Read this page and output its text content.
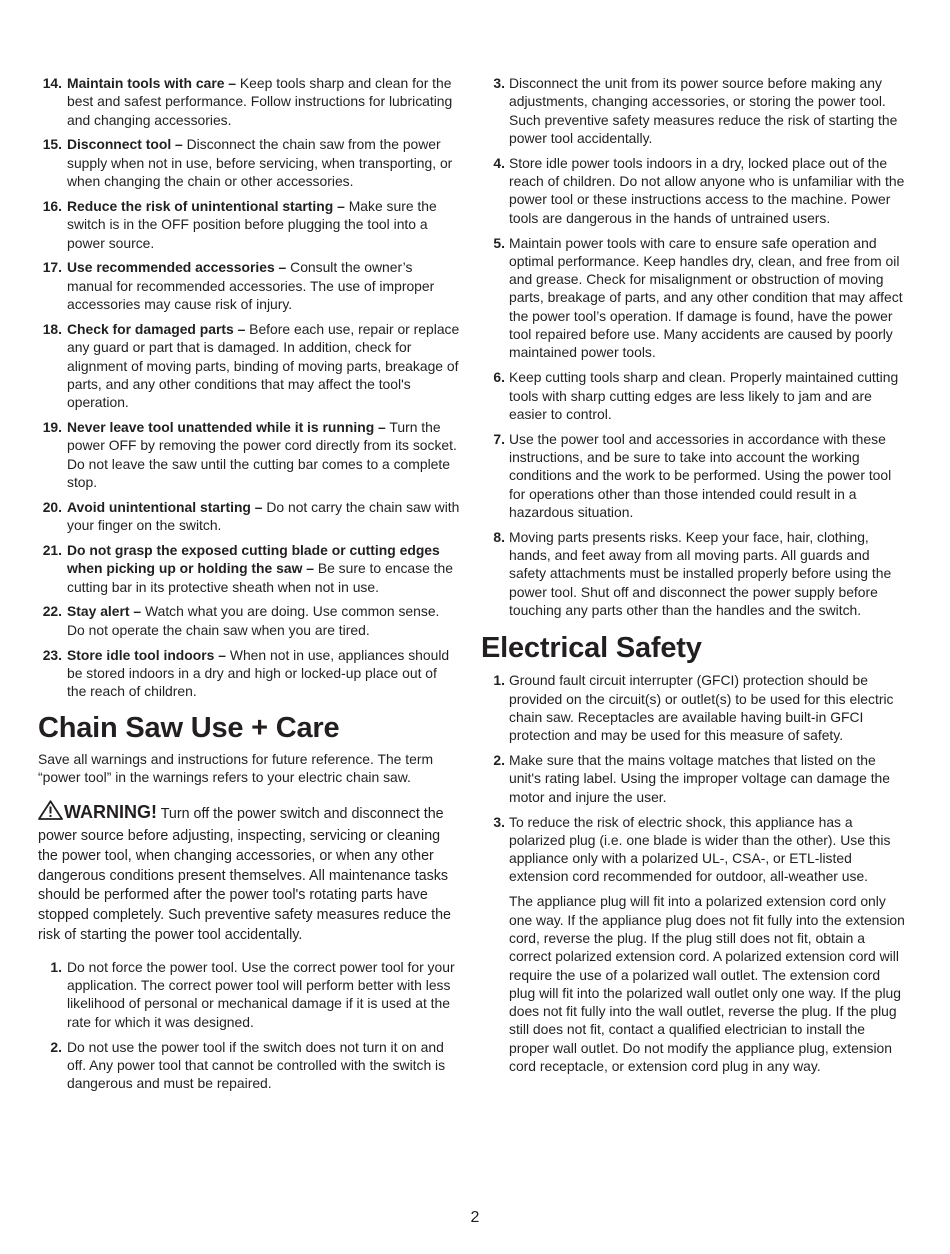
14. Maintain tools with care – Keep tools sharp and clean for the best and safest performance. Follow instructions for lubricating and changing accessories.
15. Disconnect tool – Disconnect the chain saw from the power supply when not in use, before servicing, when transporting, or when changing the chain or other accessories.
16. Reduce the risk of unintentional starting – Make sure the switch is in the OFF position before plugging the tool into a power source.
17. Use recommended accessories – Consult the owner’s manual for recommended accessories. The use of improper accessories may cause risk of injury.
18. Check for damaged parts – Before each use, repair or replace any guard or part that is damaged. In addition, check for alignment of moving parts, binding of moving parts, breakage of parts, and any other conditions that may affect the tool's operation.
19. Never leave tool unattended while it is running – Turn the power OFF by removing the power cord directly from its socket. Do not leave the saw until the cutting bar comes to a complete stop.
20. Avoid unintentional starting – Do not carry the chain saw with your finger on the switch.
21. Do not grasp the exposed cutting blade or cutting edges when picking up or holding the saw – Be sure to encase the cutting bar in its protective sheath when not in use.
22. Stay alert – Watch what you are doing. Use common sense. Do not operate the chain saw when you are tired.
23. Store idle tool indoors – When not in use, appliances should be stored indoors in a dry and high or locked-up place out of the reach of children.
Chain Saw Use + Care

Save all warnings and instructions for future reference. The term “power tool” in the warnings refers to your electric chain saw.

WARNING! Turn off the power switch and disconnect the power source before adjusting, inspecting, servicing or cleaning the power tool, when changing accessories, or when any other dangerous conditions present themselves. All maintenance tasks should be performed after the power tool's rotating parts have stopped completely. Such preventive safety measures reduce the risk of starting the power tool accidentally.

1. Do not force the power tool. Use the correct power tool for your application. The correct power tool will perform better with less likelihood of personal or mechanical damage if it is used at the rate for which it was designed.
2. Do not use the power tool if the switch does not turn it on and off. Any power tool that cannot be controlled with the switch is dangerous and must be repaired.
3. Disconnect the unit from its power source before making any adjustments, changing accessories, or storing the power tool. Such preventive safety measures reduce the risk of starting the power tool accidentally.
4. Store idle power tools indoors in a dry, locked place out of the reach of children. Do not allow anyone who is unfamiliar with the power tool or these instructions access to the machine. Power tools are dangerous in the hands of untrained users.
5. Maintain power tools with care to ensure safe operation and optimal performance. Keep handles dry, clean, and free from oil and grease. Check for misalignment or obstruction of moving parts, breakage of parts, and any other condition that may affect the power tool’s operation. If damage is found, have the power tool repaired before use. Many accidents are caused by poorly maintained power tools.
6. Keep cutting tools sharp and clean. Properly maintained cutting tools with sharp cutting edges are less likely to jam and are easier to control.
7. Use the power tool and accessories in accordance with these instructions, and be sure to take into account the working conditions and the work to be performed. Using the power tool for operations other than those intended could result in a hazardous situation.
8. Moving parts presents risks. Keep your face, hair, clothing, hands, and feet away from all moving parts. All guards and safety attachments must be installed properly before using the power tool. Shut off and disconnect the power supply before touching any parts other than the handles and the switch.
Electrical Safety
1. Ground fault circuit interrupter (GFCI) protection should be provided on the circuit(s) or outlet(s) to be used for this electric chain saw. Receptacles are available having built-in GFCI protection and may be used for this measure of safety.
2. Make sure that the mains voltage matches that listed on the unit's rating label. Using the improper voltage can damage the motor and injure the user.
3. To reduce the risk of electric shock, this appliance has a polarized plug (i.e. one blade is wider than the other). Use this appliance only with a polarized UL-, CSA-, or ETL-listed extension cord recommended for outdoor, all-weather use.

The appliance plug will fit into a polarized extension cord only one way. If the appliance plug does not fit fully into the extension cord, reverse the plug. If the plug still does not fit, obtain a correct polarized extension cord. A polarized extension cord will require the use of a polarized wall outlet. The extension cord plug will fit into the polarized wall outlet only one way. If the plug does not fit fully into the wall outlet, reverse the plug. If the plug still does not fit, contact a qualified electrician to install the proper wall outlet. Do not modify the appliance plug, extension cord receptacle, or extension cord plug in any way.

2
